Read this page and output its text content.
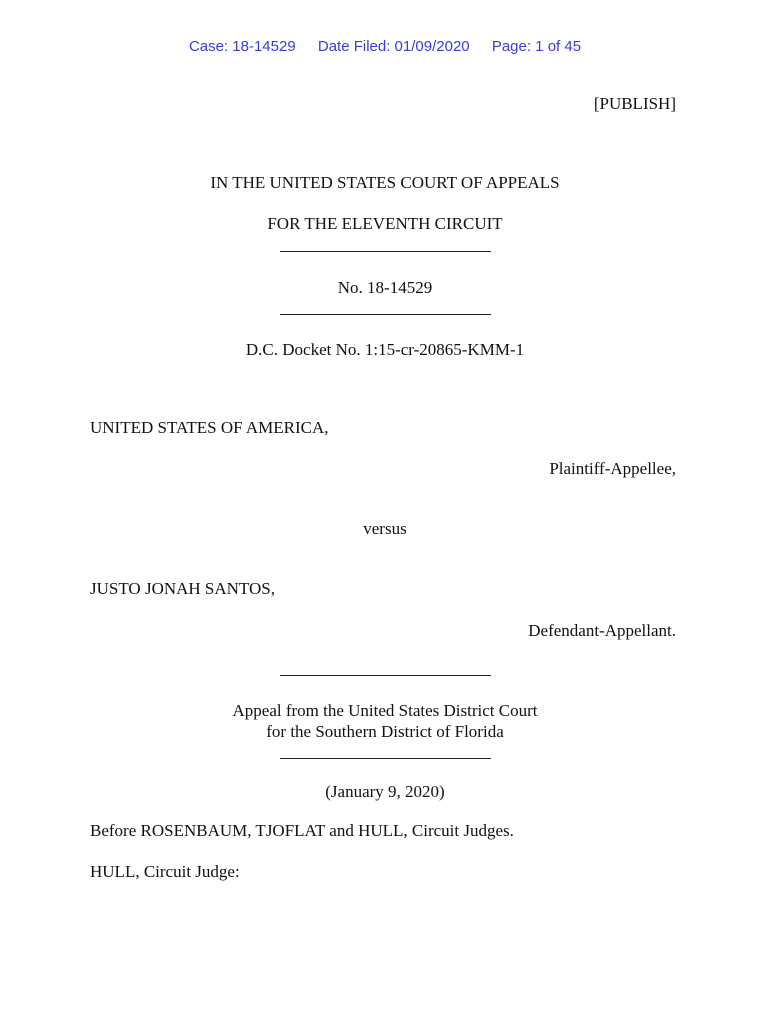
Case: 18-14529 Date Filed: 01/09/2020 Page: 1 of 45
[PUBLISH]
IN THE UNITED STATES COURT OF APPEALS
FOR THE ELEVENTH CIRCUIT
No. 18-14529
D.C. Docket No. 1:15-cr-20865-KMM-1
UNITED STATES OF AMERICA,
Plaintiff-Appellee,
versus
JUSTO JONAH SANTOS,
Defendant-Appellant.
Appeal from the United States District Court
for the Southern District of Florida
(January 9, 2020)
Before ROSENBAUM, TJOFLAT and HULL, Circuit Judges.
HULL, Circuit Judge:
